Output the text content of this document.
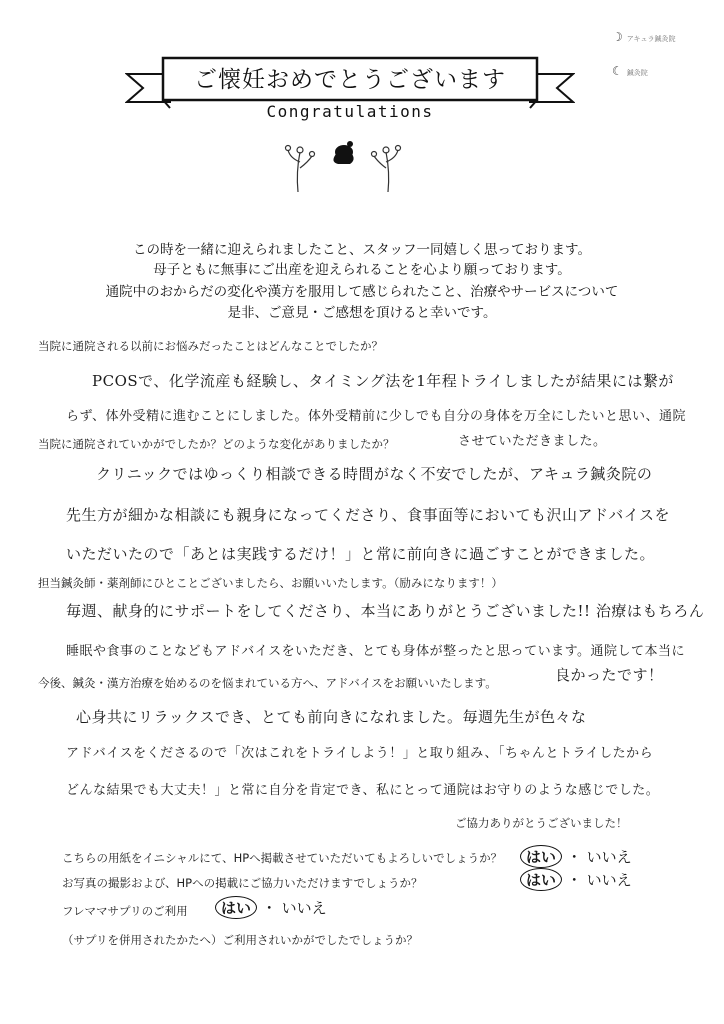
☽ アキュラ鍼灸院
☾ 鍼灸院
ご懐妊おめでとうございます
Congratulations
この時を一緒に迎えられましたこと、スタッフ一同嬉しく思っております。
母子ともに無事にご出産を迎えられることを心より願っております。
通院中のおからだの変化や漢方を服用して感じられたこと、治療やサービスについて
是非、ご意見・ご感想を頂けると幸いです。
当院に通院される以前にお悩みだったことはどんなことでしたか？
PCOSで、化学流産も経験し、タイミング法を1年程トライしましたが結果には繋が
らず、体外受精に進むことにしました。体外受精前に少しでも自分の身体を万全にしたいと思い、通院
させていただきました。
当院に通院されていかがでしたか？どのような変化がありましたか？
クリニックではゆっくり相談できる時間がなく不安でしたが、アキュラ鍼灸院の
先生方が細かな相談にも親身になってくださり、食事面等においても沢山アドバイスを
いただいたので「あとは実践するだけ！」と常に前向きに過ごすことができました。
担当鍼灸師・薬剤師にひとことございましたら、お願いいたします。（励みになります！）
毎週、献身的にサポートをしてくださり、本当にありがとうございました!! 治療はもちろん
睡眠や食事のことなどもアドバイスをいただき、とても身体が整ったと思っています。通院して本当に
良かったです！
今後、鍼灸・漢方治療を始めるのを悩まれている方へ、アドバイスをお願いいたします。
心身共にリラックスでき、とても前向きになれました。毎週先生が色々な
アドバイスをくださるので「次はこれをトライしよう！」と取り組み、「ちゃんとトライしたから
どんな結果でも大丈夫！」と常に自分を肯定でき、私にとって通院はお守りのような感じでした。
ご協力ありがとうございました！
こちらの用紙をイニシャルにて、HPへ掲載させていただいてもよろしいでしょうか？	はい ・ いいえ
お写真の撮影および、HPへの掲載にご協力いただけますでしょうか？	はい ・ いいえ
フレママサプリのご利用	はい ・ いいえ
（サプリを併用されたかたへ）ご利用されいかがでしたでしょうか？
